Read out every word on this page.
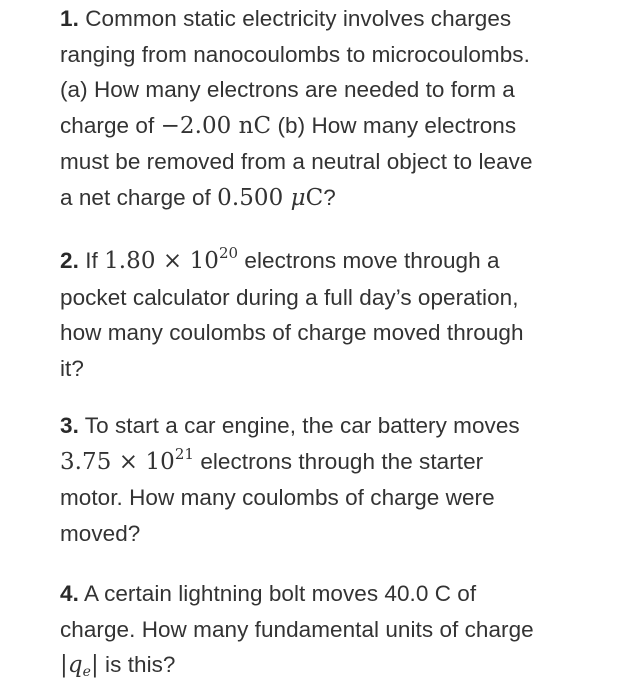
1. Common static electricity involves charges
ranging from nanocoulombs to microcoulombs.
(a) How many electrons are needed to form a
charge of −2.00 nC (b) How many electrons
must be removed from a neutral object to leave
a net charge of 0.500 μC?
2. If $1.80 \times 10^{20}$ electrons move through a
pocket calculator during a full day’s operation,
how many coulombs of charge moved through
it?
3. To start a car engine, the car battery moves
$3.75 \times 10^{21}$ electrons through the starter
motor. How many coulombs of charge were
moved?
4. A certain lightning bolt moves 40.0 C of
charge. How many fundamental units of charge
$|q_e|$ is this?
